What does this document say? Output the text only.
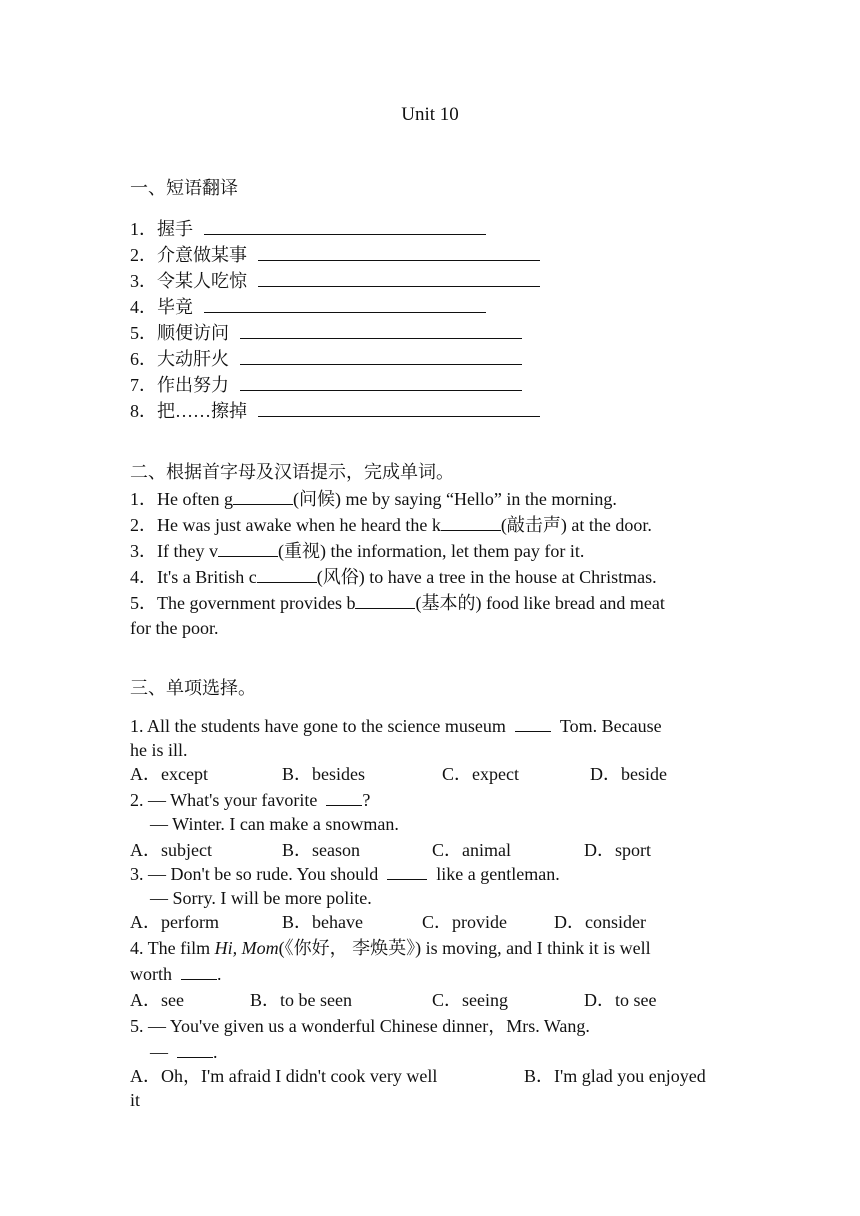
Unit 10
一、短语翻译
1．握手
2．介意做某事
3．令某人吃惊
4．毕竟
5．顺便访问
6．大动肝火
7．作出努力
8．把……擦掉
二、根据首字母及汉语提示，完成单词。
1．He often g	(问候) me by saying “Hello” in the morning.
2．He was just awake when he heard the k	(敲击声) at the door.
3．If they v	(重视) the information, let them pay for it.
4．It's a British c	(风俗) to have a tree in the house at Christmas.
5．The government provides b	(基本的) food like bread and meat
for the poor.
三、单项选择。
1. All the students have gone to the science museum	Tom. Because
he is ill.
A．except	B．besides	C．expect	D．beside
2. — What's your favorite	?
— Winter. I can make a snowman.
A．subject	B．season	C．animal	D．sport
3. — Don't be so rude. You should	like a gentleman.
— Sorry. I will be more polite.
A．perform	B．behave	C．provide	D．consider
4. The film Hi, Mom(《你好， 李焕英》) is moving, and I think it is well
worth	.
A．see	B．to be seen	C．seeing	D．to see
5. — You've given us a wonderful Chinese dinner，Mrs. Wang.
—	.
A．Oh，I'm afraid I didn't cook very well	B．I'm glad you enjoyed
it
